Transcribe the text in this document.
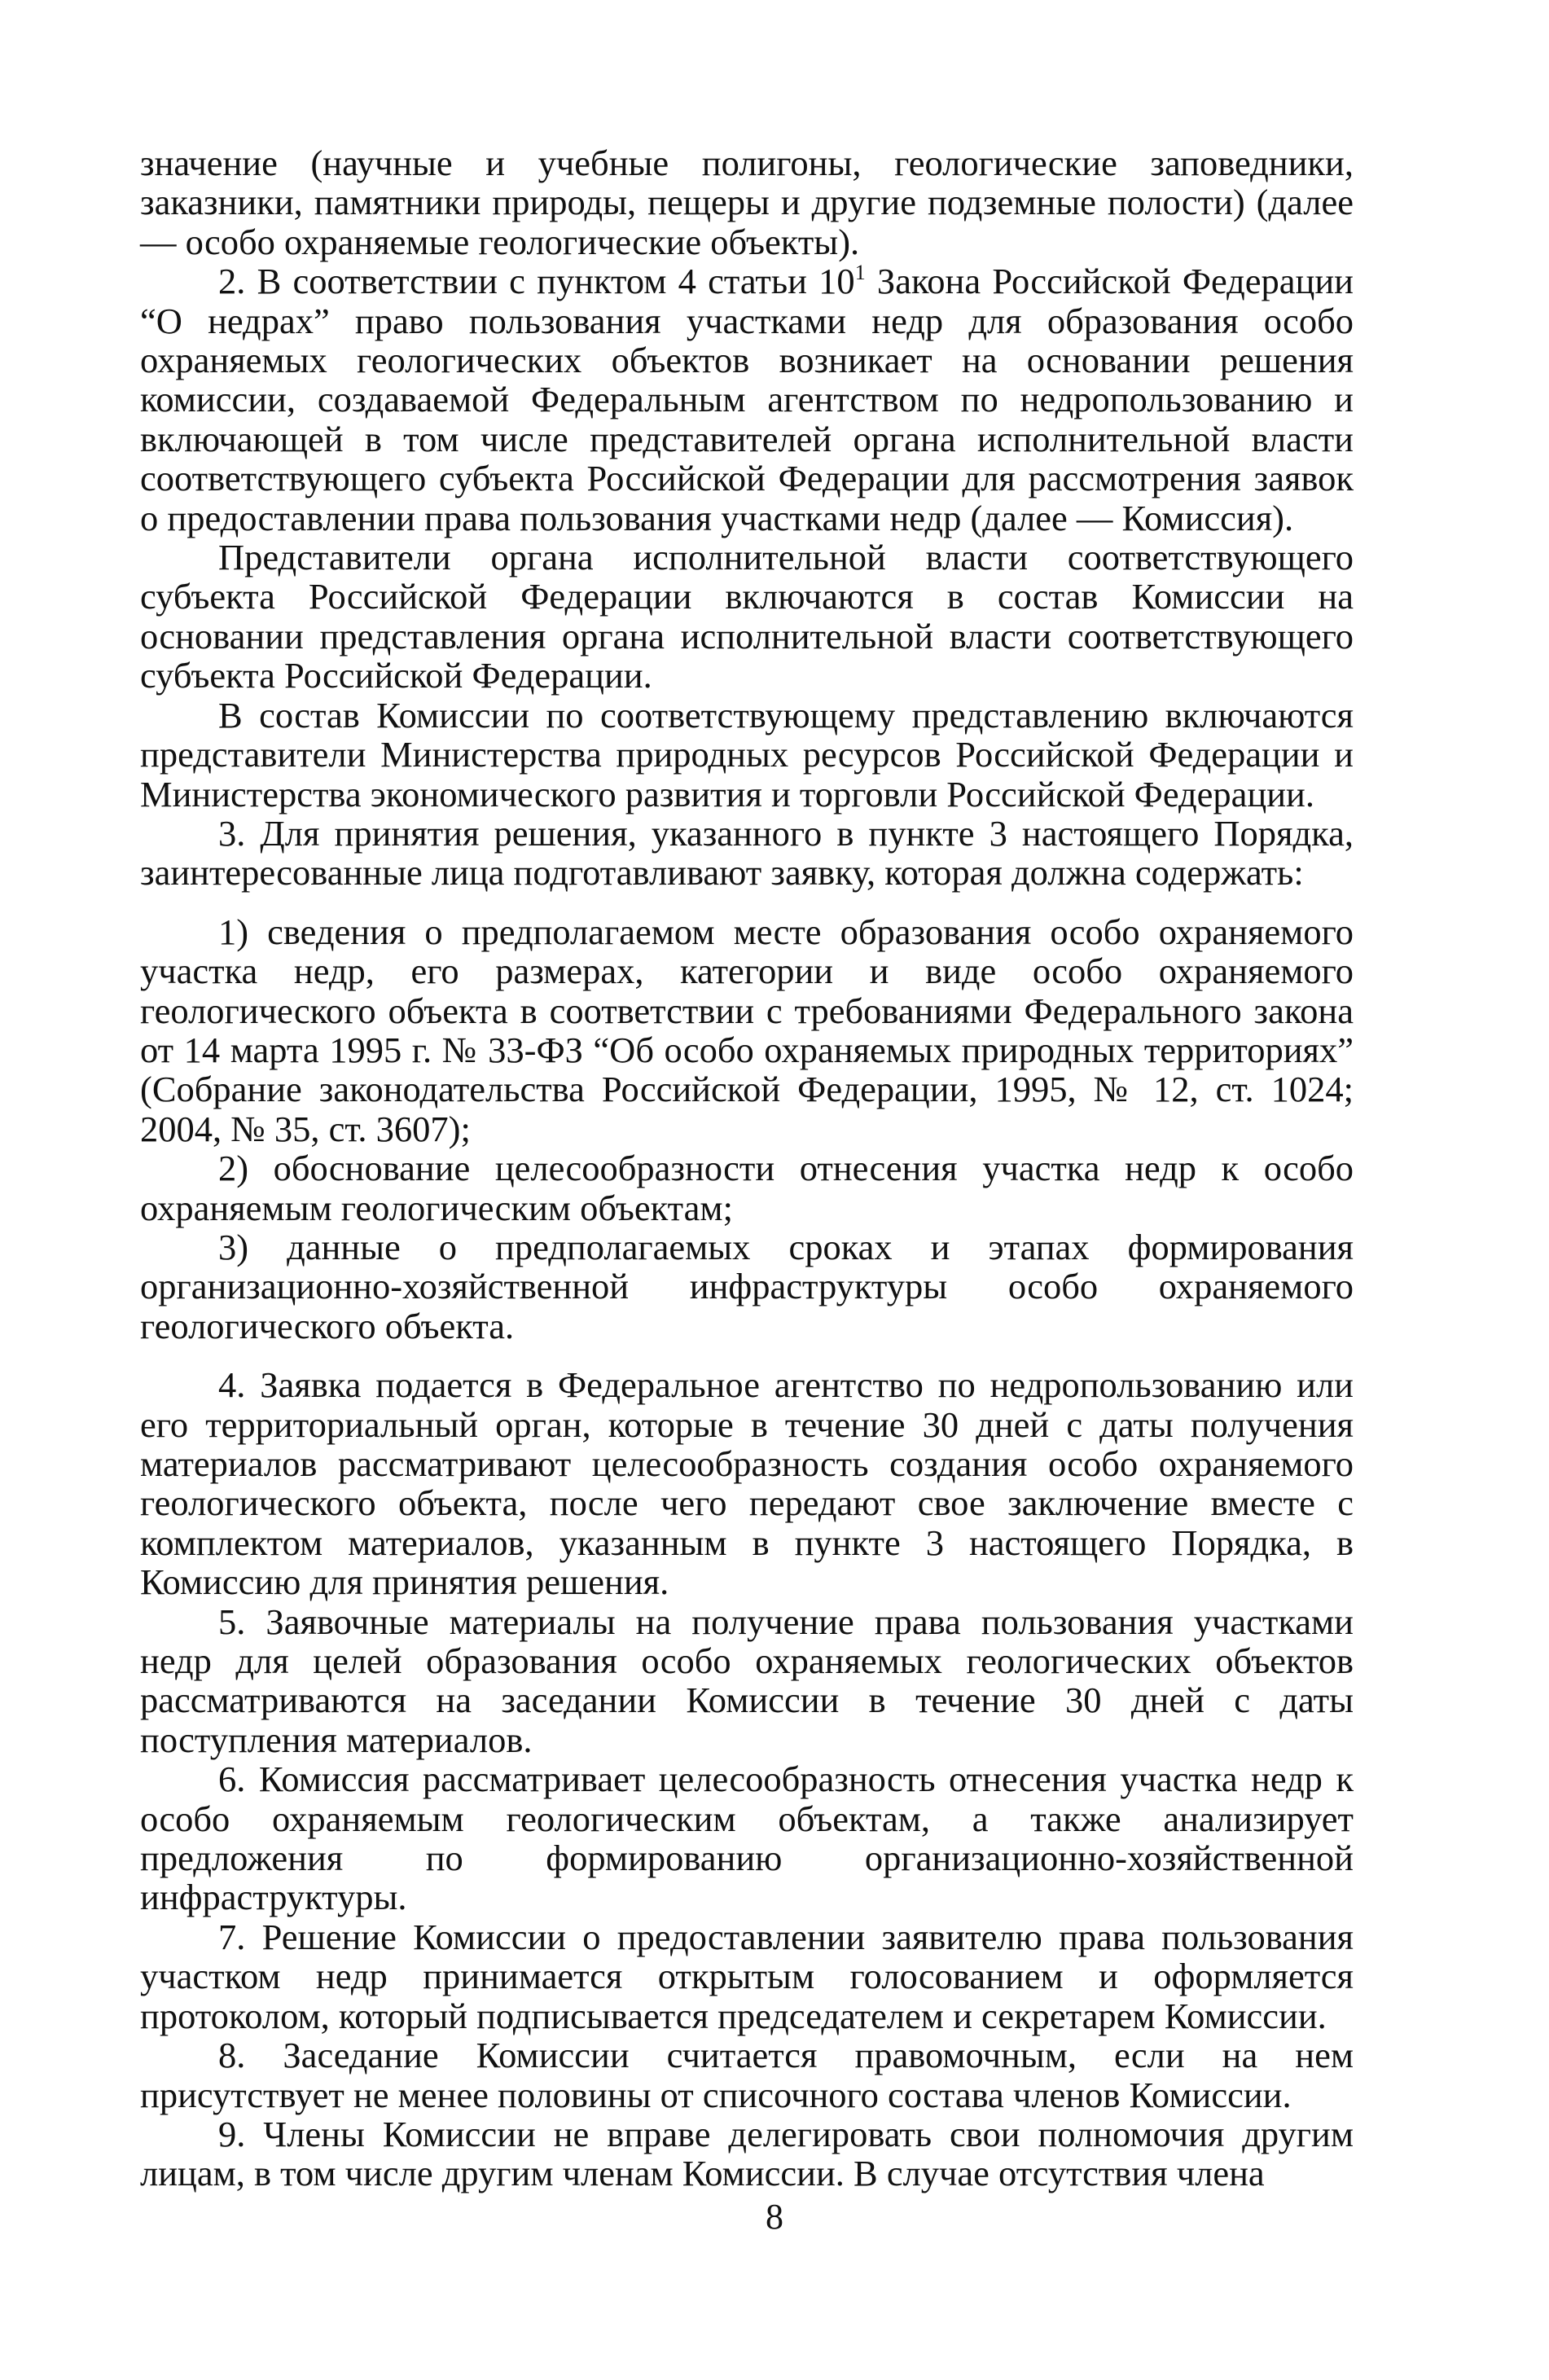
значение (научные и учебные полигоны, геологические заповедники, заказники, памятники природы, пещеры и другие подземные полости) (далее — особо охраняемые геологические объекты).

2. В соответствии с пунктом 4 статьи $10^1$ Закона Российской Федерации “О недрах” право пользования участками недр для образования особо охраняемых геологических объектов возникает на основании решения комиссии, создаваемой Федеральным агентством по недропользованию и включающей в том числе представителей органа исполнительной власти соответствующего субъекта Российской Федерации для рассмотрения заявок о предоставлении права пользования участками недр (далее — Комиссия).

Представители органа исполнительной власти соответствующего субъекта Российской Федерации включаются в состав Комиссии на основании представления органа исполнительной власти соответствующего субъекта Российской Федерации.

В состав Комиссии по соответствующему представлению включаются представители Министерства природных ресурсов Российской Федерации и Министерства экономического развития и торговли Российской Федерации.

3. Для принятия решения, указанного в пункте 3 настоящего Порядка, заинтересованные лица подготавливают заявку, которая должна содержать:

1) сведения о предполагаемом месте образования особо охраняемого участка недр, его размерах, категории и виде особо охраняемого геологического объекта в соответствии с требованиями Федерального закона от 14 марта 1995 г. № 33-ФЗ “Об особо охраняемых природных территориях” (Собрание законодательства Российской Федерации, 1995, № 12, ст. 1024; 2004, № 35, ст. 3607);

2) обоснование целесообразности отнесения участка недр к особо охраняемым геологическим объектам;

3) данные о предполагаемых сроках и этапах формирования организационно-хозяйственной инфраструктуры особо охраняемого геологического объекта.

4. Заявка подается в Федеральное агентство по недропользованию или его территориальный орган, которые в течение 30 дней с даты получения материалов рассматривают целесообразность создания особо охраняемого геологического объекта, после чего передают свое заключение вместе с комплектом материалов, указанным в пункте 3 настоящего Порядка, в Комиссию для принятия решения.

5. Заявочные материалы на получение права пользования участками недр для целей образования особо охраняемых геологических объектов рассматриваются на заседании Комиссии в течение 30 дней с даты поступления материалов.

6. Комиссия рассматривает целесообразность отнесения участка недр к особо охраняемым геологическим объектам, а также анализирует предложения по формированию организационно-хозяйственной инфраструктуры.

7. Решение Комиссии о предоставлении заявителю права пользования участком недр принимается открытым голосованием и оформляется протоколом, который подписывается председателем и секретарем Комиссии.

8. Заседание Комиссии считается правомочным, если на нем присутствует не менее половины от списочного состава членов Комиссии.

9. Члены Комиссии не вправе делегировать свои полномочия другим лицам, в том числе другим членам Комиссии. В случае отсутствия члена

8
